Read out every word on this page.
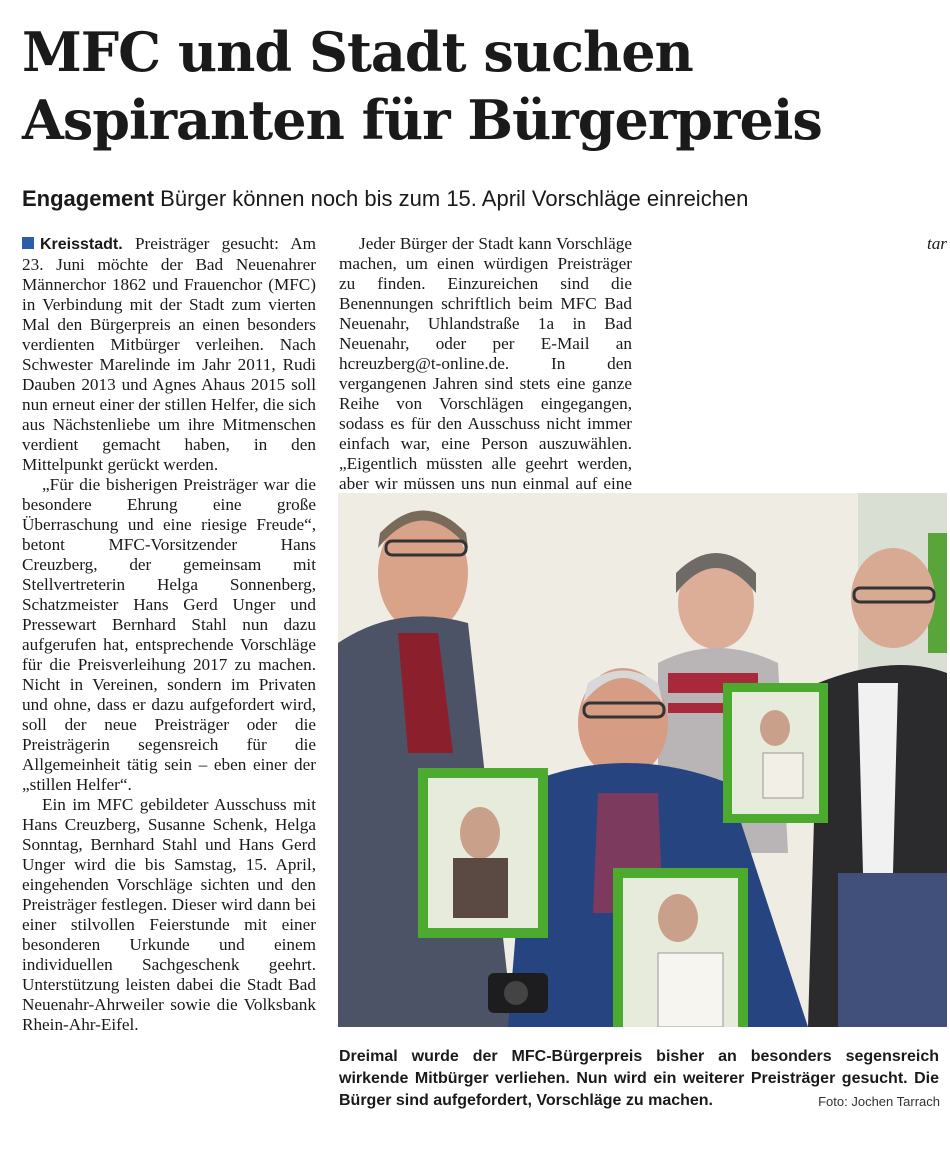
MFC und Stadt suchen
Aspiranten für Bürgerpreis
Engagement Bürger können noch bis zum 15. April Vorschläge einreichen

Kreisstadt. Preisträger gesucht: Am 23. Juni möchte der Bad Neuenahrer Männerchor 1862 und Frauenchor (MFC) in Verbindung mit der Stadt zum vierten Mal den Bürgerpreis an einen besonders verdienten Mitbürger verleihen. Nach Schwester Marelinde im Jahr 2011, Rudi Dauben 2013 und Agnes Ahaus 2015 soll nun erneut einer der stillen Helfer, die sich aus Nächstenliebe um ihre Mitmenschen verdient gemacht haben, in den Mittelpunkt gerückt werden.

„Für die bisherigen Preisträger war die besondere Ehrung eine große Überraschung und eine riesige Freude“, betont MFC-Vorsitzender Hans Creuzberg, der gemeinsam mit Stellvertreterin Helga Sonnenberg, Schatzmeister Hans Gerd Unger und Pressewart Bernhard Stahl nun dazu aufgerufen hat, entsprechende Vorschläge für die Preisverleihung 2017 zu machen. Nicht in Vereinen, sondern im Privaten und ohne, dass er dazu aufgefordert wird, soll der neue Preisträger oder die Preisträgerin segensreich für die Allgemeinheit tätig sein – eben einer der „stillen Helfer“.

Ein im MFC gebildeter Ausschuss mit Hans Creuzberg, Susanne Schenk, Helga Sonntag, Bernhard Stahl und Hans Gerd Unger wird die bis Samstag, 15. April, eingehenden Vorschläge sichten und den Preisträger festlegen. Dieser wird dann bei einer stilvollen Feierstunde mit einer besonderen Urkunde und einem individuellen Sachgeschenk geehrt. Unterstützung leisten dabei die Stadt Bad Neuenahr-Ahrweiler sowie die Volksbank Rhein-Ahr-Eifel.

Jeder Bürger der Stadt kann Vorschläge machen, um einen würdigen Preisträger zu finden. Einzureichen sind die Benennungen schriftlich beim MFC Bad Neuenahr, Uhlandstraße 1a in Bad Neuenahr, oder per E-Mail an hcreuzberg@t-online.de. In den vergangenen Jahren sind stets eine ganze Reihe von Vorschlägen eingegangen, sodass es für den Ausschuss nicht immer einfach war, eine Person auszuwählen. „Eigentlich müssten alle geehrt werden, aber wir müssen uns nun einmal auf eine

tar
Dreimal wurde der MFC-Bürgerpreis bisher an besonders segensreich wirkende Mitbürger verliehen. Nun wird ein weiterer Preisträger gesucht. Die Bürger sind aufgefordert, Vorschläge zu machen.	Foto: Jochen Tarrach
